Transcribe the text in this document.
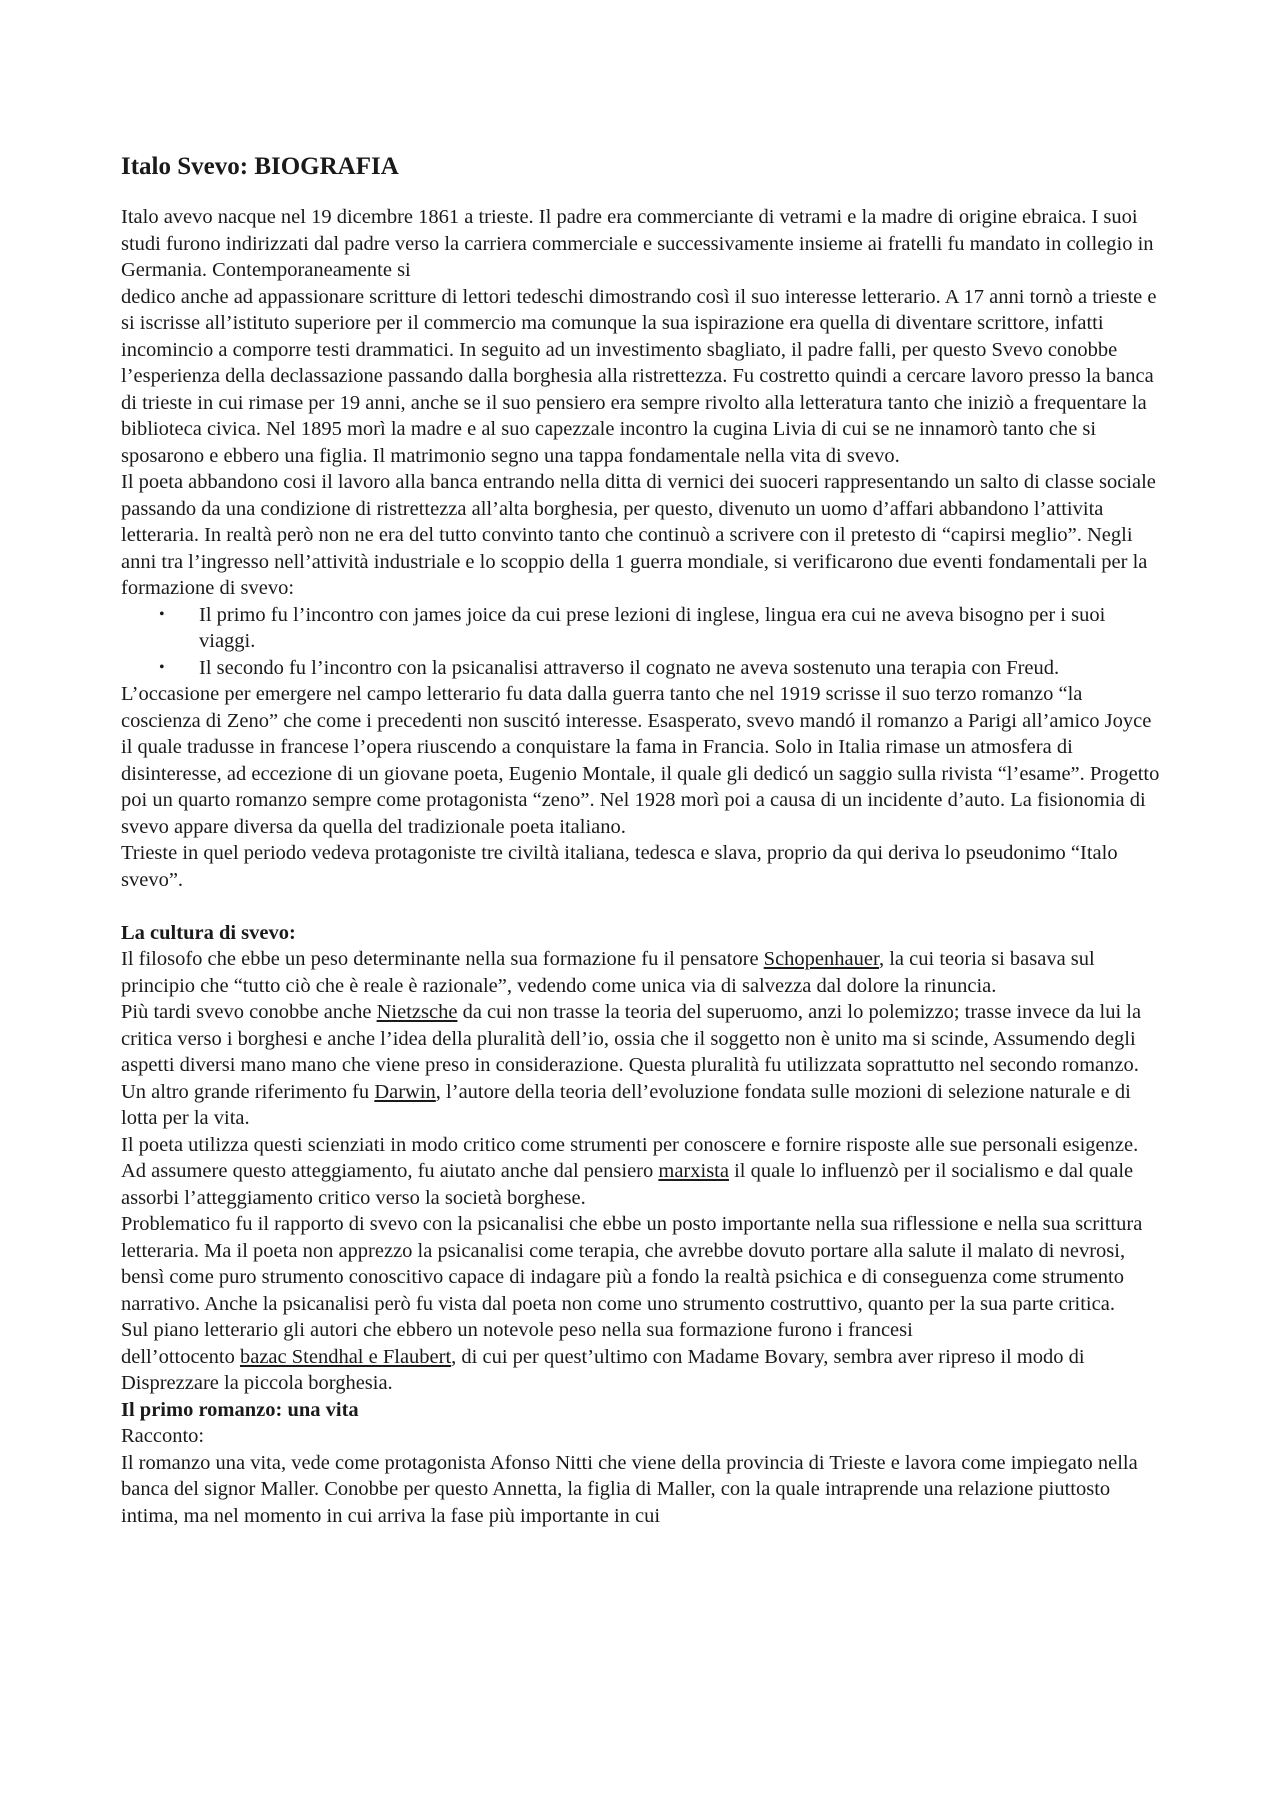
Italo Svevo: BIOGRAFIA

Italo avevo nacque nel 19 dicembre 1861 a trieste. Il padre era commerciante di vetrami e la madre di origine ebraica. I suoi studi furono indirizzati dal padre verso la carriera commerciale e successivamente insieme ai fratelli fu mandato in collegio in Germania. Contemporaneamente si

dedico anche ad appassionare scritture di lettori tedeschi dimostrando così il suo interesse letterario. A 17 anni tornò a trieste e si iscrisse all’istituto superiore per il commercio ma comunque la sua ispirazione era quella di diventare scrittore, infatti incomincio a comporre testi drammatici. In seguito ad un investimento sbagliato, il padre falli, per questo Svevo conobbe l’esperienza della declassazione passando dalla borghesia alla ristrettezza. Fu costretto quindi a cercare lavoro presso la banca di trieste in cui rimase per 19 anni, anche se il suo pensiero era sempre rivolto alla letteratura tanto che iniziò a frequentare la biblioteca civica. Nel 1895 morì la madre e al suo capezzale incontro la cugina Livia di cui se ne innamorò tanto che si sposarono e ebbero una figlia. Il matrimonio segno una tappa fondamentale nella vita di svevo.

Il poeta abbandono cosi il lavoro alla banca entrando nella ditta di vernici dei suoceri rappresentando un salto di classe sociale passando da una condizione di ristrettezza all’alta borghesia, per questo, divenuto un uomo d’affari abbandono l’attivita letteraria. In realtà però non ne era del tutto convinto tanto che continuò a scrivere con il pretesto di “capirsi meglio”. Negli anni tra l’ingresso nell’attività industriale e lo scoppio della 1 guerra mondiale, si verificarono due eventi fondamentali per la formazione di svevo:

• Il primo fu l’incontro con james joice da cui prese lezioni di inglese, lingua era cui ne aveva bisogno per i suoi viaggi.
• Il secondo fu l’incontro con la psicanalisi attraverso il cognato ne aveva sostenuto una terapia con Freud.

L’occasione per emergere nel campo letterario fu data dalla guerra tanto che nel 1919 scrisse il suo terzo romanzo “la coscienza di Zeno” che come i precedenti non suscitó interesse. Esasperato, svevo mandó il romanzo a Parigi all’amico Joyce il quale tradusse in francese l’opera riuscendo a conquistare la fama in Francia. Solo in Italia rimase un atmosfera di disinteresse, ad eccezione di un giovane poeta, Eugenio Montale, il quale gli dedicó un saggio sulla rivista “l’esame”. Progetto poi un quarto romanzo sempre come protagonista “zeno”. Nel 1928 morì poi a causa di un incidente d’auto. La fisionomia di svevo appare diversa da quella del tradizionale poeta italiano.

Trieste in quel periodo vedeva protagoniste tre civiltà italiana, tedesca e slava, proprio da qui deriva lo pseudonimo “Italo svevo”.

La cultura di svevo:

Il filosofo che ebbe un peso determinante nella sua formazione fu il pensatore Schopenhauer, la cui teoria si basava sul principio che “tutto ciò che è reale è razionale”, vedendo come unica via di salvezza dal dolore la rinuncia.

Più tardi svevo conobbe anche Nietzsche da cui non trasse la teoria del superuomo, anzi lo polemizzo; trasse invece da lui la critica verso i borghesi e anche l’idea della pluralità dell’io, ossia che il soggetto non è unito ma si scinde, Assumendo degli aspetti diversi mano mano che viene preso in considerazione. Questa pluralità fu utilizzata soprattutto nel secondo romanzo.

Un altro grande riferimento fu Darwin, l’autore della teoria dell’evoluzione fondata sulle mozioni di selezione naturale e di lotta per la vita.

Il poeta utilizza questi scienziati in modo critico come strumenti per conoscere e fornire risposte alle sue personali esigenze. Ad assumere questo atteggiamento, fu aiutato anche dal pensiero marxista il quale lo influenzò per il socialismo e dal quale assorbi l’atteggiamento critico verso la società borghese.

Problematico fu il rapporto di svevo con la psicanalisi che ebbe un posto importante nella sua riflessione e nella sua scrittura letteraria. Ma il poeta non apprezzo la psicanalisi come terapia, che avrebbe dovuto portare alla salute il malato di nevrosi, bensì come puro strumento conoscitivo capace di indagare più a fondo la realtà psichica e di conseguenza come strumento narrativo. Anche la psicanalisi però fu vista dal poeta non come uno strumento costruttivo, quanto per la sua parte critica.

Sul piano letterario gli autori che ebbero un notevole peso nella sua formazione furono i francesi

dell’ottocento bazac Stendhal e Flaubert, di cui per quest’ultimo con Madame Bovary, sembra aver ripreso il modo di Disprezzare la piccola borghesia.

Il primo romanzo: una vita

Racconto:

Il romanzo una vita, vede come protagonista Afonso Nitti che viene della provincia di Trieste e lavora come impiegato nella banca del signor Maller. Conobbe per questo Annetta, la figlia di Maller, con la quale intraprende una relazione piuttosto intima, ma nel momento in cui arriva la fase più importante in cui
